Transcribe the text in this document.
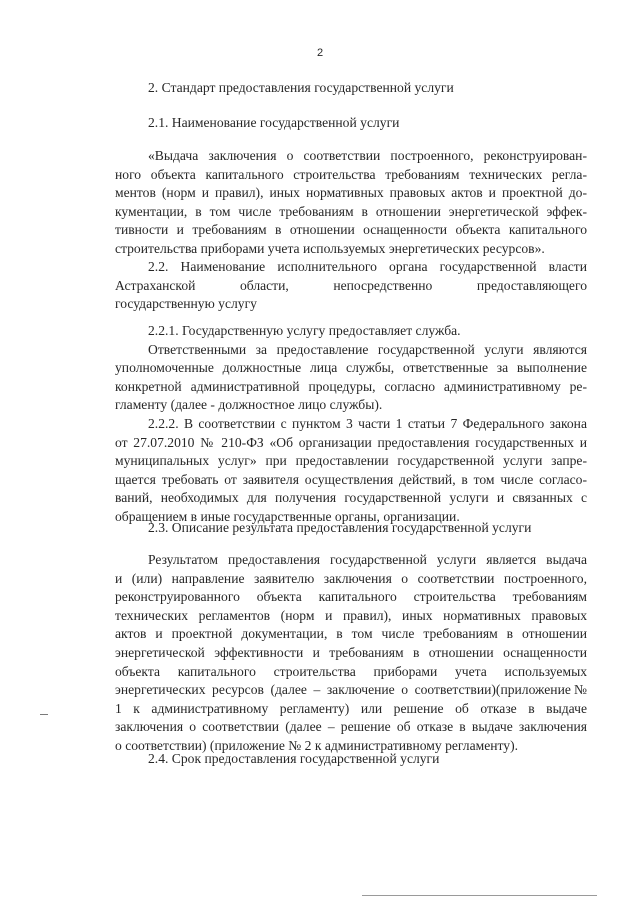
2

2. Стандарт предоставления государственной услуги

2.1. Наименование государственной услуги

«Выдача заключения о соответствии построенного, реконструирован-
ного объекта капитального строительства требованиям технических регла-
ментов (норм и правил), иных нормативных правовых актов и проектной до-
кументации, в том числе требованиям в отношении энергетической эффек-
тивности и требованиям в отношении оснащенности объекта капитального
строительства приборами учета используемых энергетических ресурсов».
2.2. Наименование исполнительного органа государственной власти
Астраханской области, непосредственно предоставляющего
государственную услугу
2.2.1. Государственную услугу предоставляет служба.
Ответственными за предоставление государственной услуги являются
уполномоченные должностные лица службы, ответственные за выполнение
конкретной административной процедуры, согласно административному ре-
гламенту (далее - должностное лицо службы).
2.2.2. В соответствии с пунктом 3 части 1 статьи 7 Федерального закона
от 27.07.2010 № 210-ФЗ «Об организации предоставления государственных и
муниципальных услуг» при предоставлении государственной услуги запре-
щается требовать от заявителя осуществления действий, в том числе согласо-
ваний, необходимых для получения государственной услуги и связанных с
обращением в иные государственные органы, организации.

2.3. Описание результата предоставления государственной услуги

Результатом предоставления государственной услуги является выдача
и (или) направление заявителю заключения о соответствии построенного,
реконструированного объекта капитального строительства требованиям
технических регламентов (норм и правил), иных нормативных правовых
актов и проектной документации, в том числе требованиям в отношении
энергетической эффективности и требованиям в отношении оснащенности
объекта капитального строительства приборами учета используемых
энергетических ресурсов (далее – заключение о соответствии)(приложение№
1 к административному регламенту) или решение об отказе в выдаче
заключения о соответствии (далее – решение об отказе в выдаче заключения
о соответствии) (приложение № 2 к административному регламенту).

2.4. Срок предоставления государственной услуги
